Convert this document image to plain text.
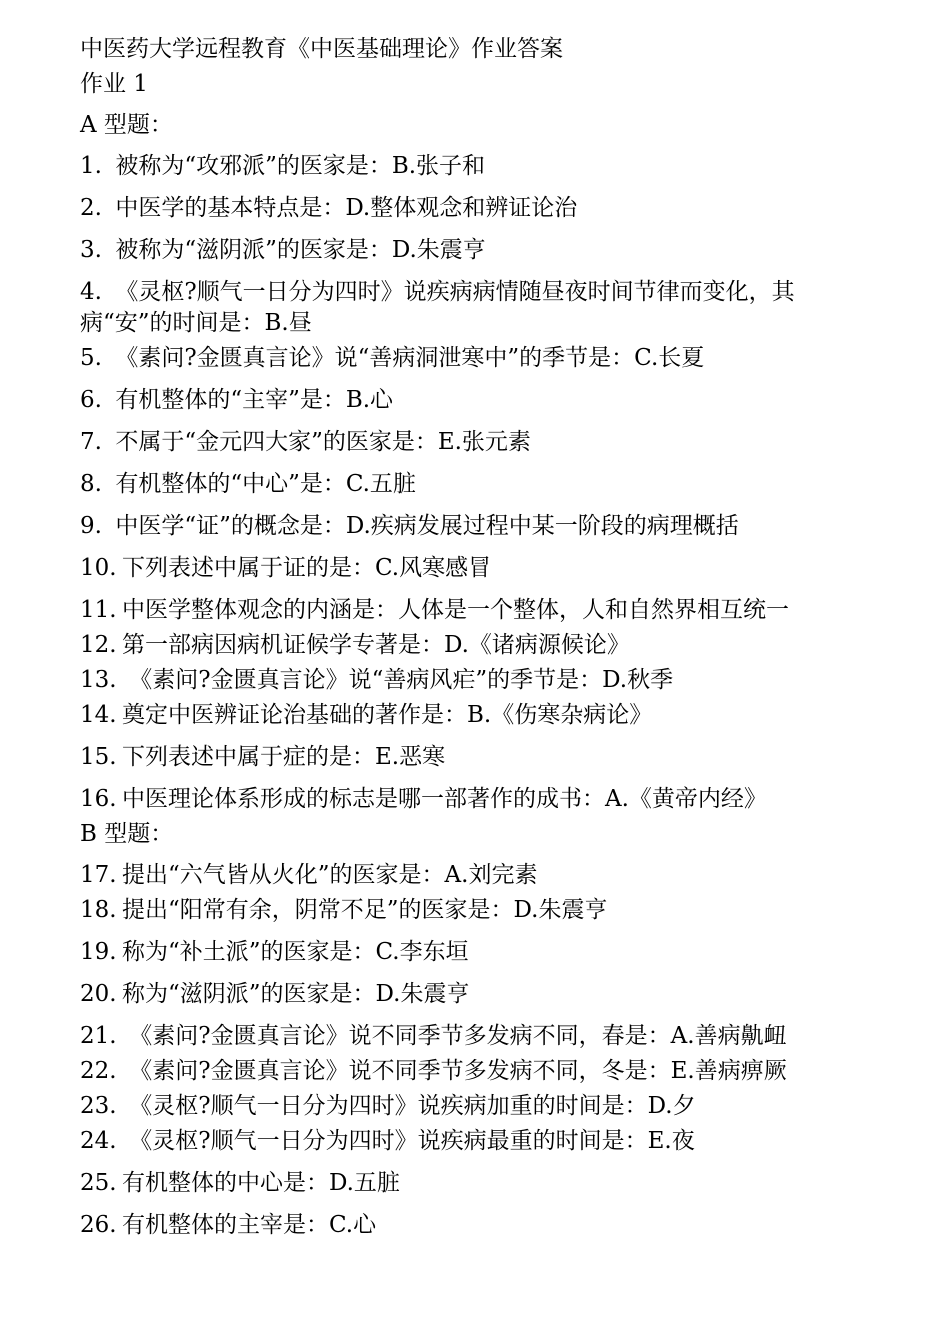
中医药大学远程教育《中医基础理论》作业答案
作业 1
A 型题：
1. 被称为“攻邪派”的医家是：B.张子和
2. 中医学的基本特点是：D.整体观念和辨证论治
3. 被称为“滋阴派”的医家是：D.朱震亨
4. 《灵枢?顺气一日分为四时》说疾病病情随昼夜时间节律而变化，其
病“安”的时间是：B.昼
5. 《素问?金匮真言论》说“善病洞泄寒中”的季节是：C.长夏
6. 有机整体的“主宰”是：B.心
7. 不属于“金元四大家”的医家是：E.张元素
8. 有机整体的“中心”是：C.五脏
9. 中医学“证”的概念是：D.疾病发展过程中某一阶段的病理概括
10. 下列表述中属于证的是：C.风寒感冒
11. 中医学整体观念的内涵是：人体是一个整体，人和自然界相互统一
12. 第一部病因病机证候学专著是：D.《诸病源候论》
13. 《素问?金匮真言论》说“善病风疟”的季节是：D.秋季
14. 奠定中医辨证论治基础的著作是：B.《伤寒杂病论》
15. 下列表述中属于症的是：E.恶寒
16. 中医理论体系形成的标志是哪一部著作的成书：A.《黄帝内经》
B 型题：
17. 提出“六气皆从火化”的医家是：A.刘完素
18. 提出“阳常有余，阴常不足”的医家是：D.朱震亨
19. 称为“补土派”的医家是：C.李东垣
20. 称为“滋阴派”的医家是：D.朱震亨
21. 《素问?金匮真言论》说不同季节多发病不同，春是：A.善病鼽衄
22. 《素问?金匮真言论》说不同季节多发病不同，冬是：E.善病痹厥
23. 《灵枢?顺气一日分为四时》说疾病加重的时间是：D.夕
24. 《灵枢?顺气一日分为四时》说疾病最重的时间是：E.夜
25. 有机整体的中心是：D.五脏
26. 有机整体的主宰是：C.心
